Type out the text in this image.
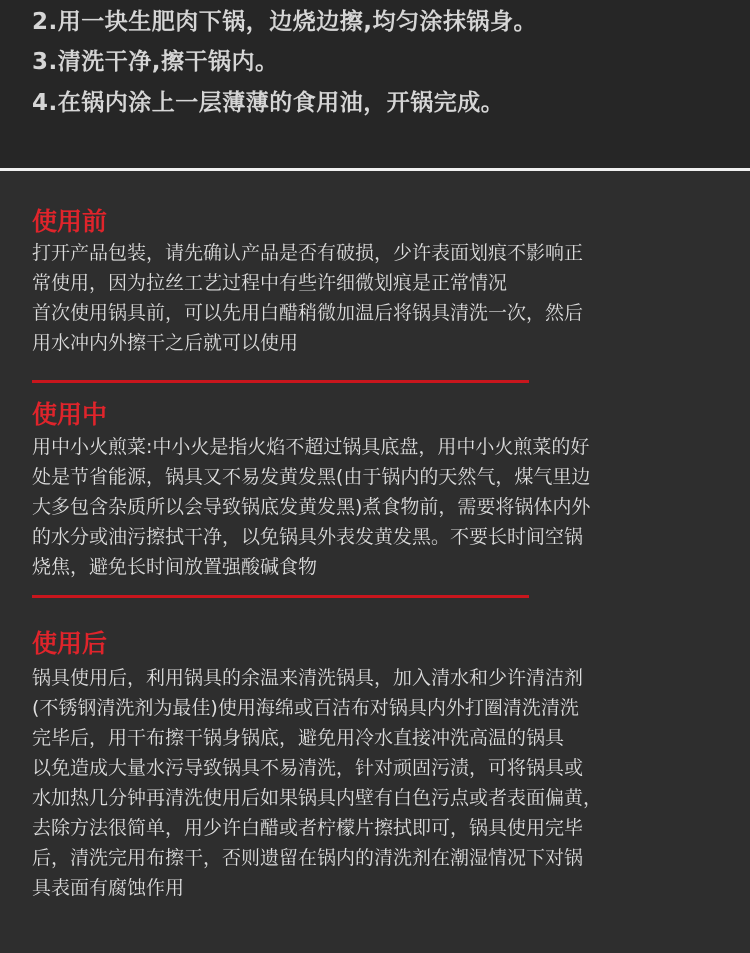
2.用一块生肥肉下锅，边烧边擦,均匀涂抹锅身。
3.清洗干净,擦干锅内。
4.在锅内涂上一层薄薄的食用油，开锅完成。
使用前
打开产品包装，请先确认产品是否有破损，少许表面划痕不影响正
常使用，因为拉丝工艺过程中有些许细微划痕是正常情况
首次使用锅具前，可以先用白醋稍微加温后将锅具清洗一次，然后
用水冲内外擦干之后就可以使用
使用中
用中小火煎菜:中小火是指火焰不超过锅具底盘，用中小火煎菜的好
处是节省能源，锅具又不易发黄发黑(由于锅内的天然气，煤气里边
大多包含杂质所以会导致锅底发黄发黑)煮食物前，需要将锅体内外
的水分或油污擦拭干净，以免锅具外表发黄发黑。不要长时间空锅
烧焦，避免长时间放置强酸碱食物
使用后
锅具使用后，利用锅具的余温来清洗锅具，加入清水和少许清洁剂
(不锈钢清洗剂为最佳)使用海绵或百洁布对锅具内外打圈清洗清洗
完毕后，用干布擦干锅身锅底，避免用冷水直接冲洗高温的锅具
以免造成大量水污导致锅具不易清洗，针对顽固污渍，可将锅具或
水加热几分钟再清洗使用后如果锅具内壁有白色污点或者表面偏黄，
去除方法很简单，用少许白醋或者柠檬片擦拭即可，锅具使用完毕
后，清洗完用布擦干，否则遗留在锅内的清洗剂在潮湿情况下对锅
具表面有腐蚀作用
